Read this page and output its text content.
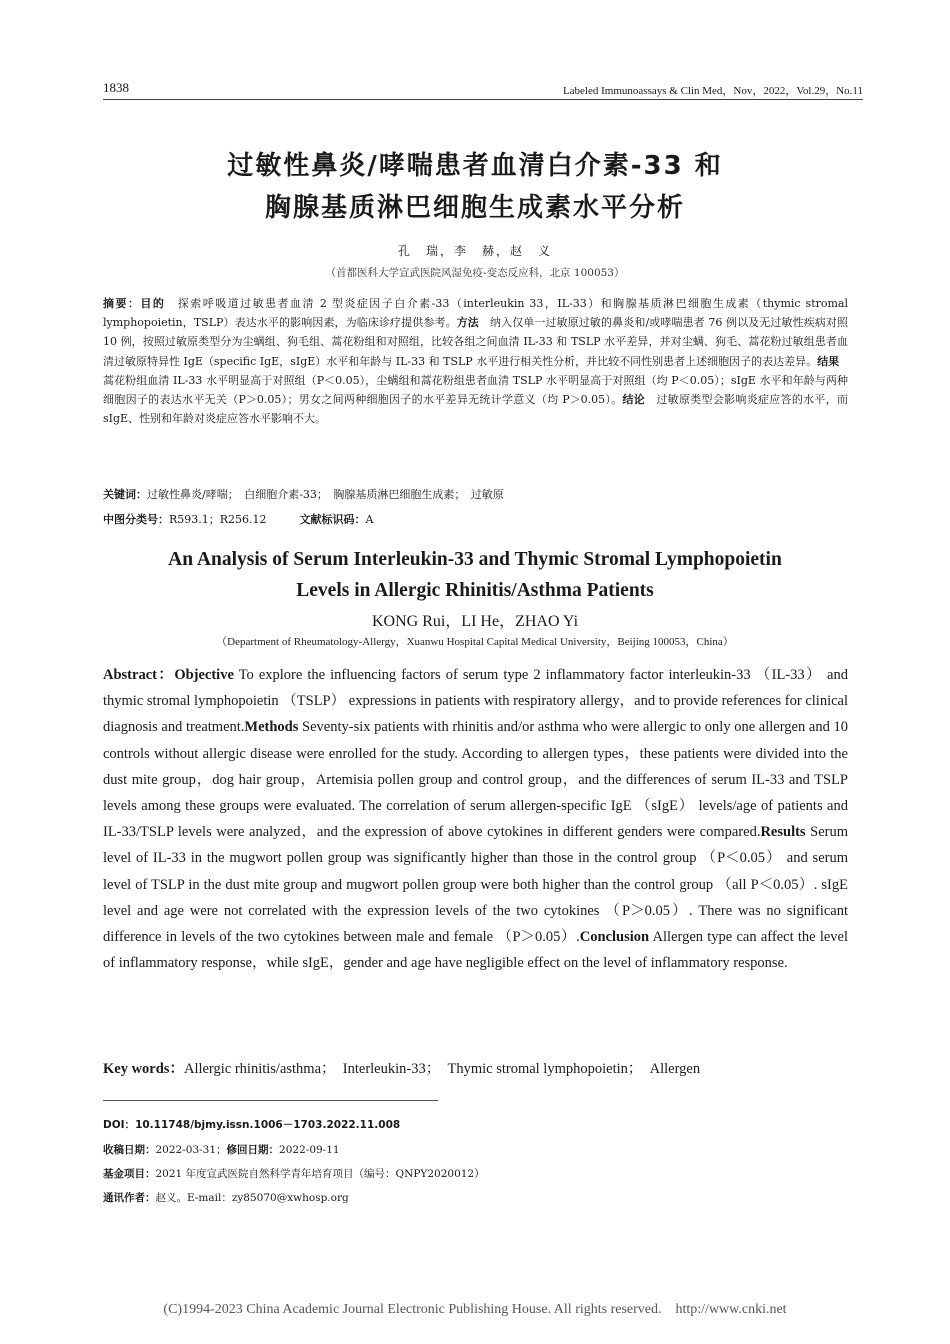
1838	Labeled Immunoassays & Clin Med，Nov，2022，Vol.29，No.11
过敏性鼻炎/哮喘患者血清白介素-33 和
胸腺基质淋巴细胞生成素水平分析
孔　瑞，李　赫，赵　义
（首都医科大学宣武医院风湿免疫-变态反应科，北京 100053）
摘要：目的　探索呼吸道过敏患者血清 2 型炎症因子白介素-33（interleukin 33，IL-33）和胸腺基质淋巴细胞生成素（thymic stromal lymphopoietin，TSLP）表达水平的影响因素，为临床诊疗提供参考。方法　纳入仅单一过敏原过敏的鼻炎和/或哮喘患者 76 例以及无过敏性疾病对照 10 例，按照过敏原类型分为尘螨组、狗毛组、蒿花粉组和对照组，比较各组之间血清 IL-33 和 TSLP 水平差异，并对尘螨、狗毛、蒿花粉过敏组患者血清过敏原特异性 IgE（specific IgE，sIgE）水平和年龄与 IL-33 和 TSLP 水平进行相关性分析，并比较不同性别患者上述细胞因子的表达差异。结果　蒿花粉组血清 IL-33 水平明显高于对照组（P＜0.05），尘螨组和蒿花粉组患者血清 TSLP 水平明显高于对照组（均 P＜0.05）；sIgE 水平和年龄与两种细胞因子的表达水平无关（P＞0.05）；男女之间两种细胞因子的水平差异无统计学意义（均 P＞0.05）。结论　过敏原类型会影响炎症应答的水平，而 sIgE、性别和年龄对炎症应答水平影响不大。
关键词：过敏性鼻炎/哮喘；　白细胞介素-33；　胸腺基质淋巴细胞生成素；　过敏原
中图分类号：R593.1；R256.12	文献标识码：A
An Analysis of Serum Interleukin-33 and Thymic Stromal Lymphopoietin
Levels in Allergic Rhinitis/Asthma Patients
KONG Rui，LI He，ZHAO Yi
（Department of Rheumatology-Allergy，Xuanwu Hospital Capital Medical University，Beijing 100053，China）
Abstract：Objective To explore the influencing factors of serum type 2 inflammatory factor interleukin-33 （IL-33） and thymic stromal lymphopoietin （TSLP） expressions in patients with respiratory allergy，and to provide references for clinical diagnosis and treatment.Methods Seventy-six patients with rhinitis and/or asthma who were allergic to only one allergen and 10 controls without allergic disease were enrolled for the study. According to allergen types，these patients were divided into the dust mite group，dog hair group，Artemisia pollen group and control group，and the differences of serum IL-33 and TSLP levels among these groups were evaluated. The correlation of serum allergen-specific IgE （sIgE） levels/age of patients and IL-33/TSLP levels were analyzed，and the expression of above cytokines in different genders were compared.Results Serum level of IL-33 in the mugwort pollen group was significantly higher than those in the control group （P＜0.05） and serum level of TSLP in the dust mite group and mugwort pollen group were both higher than the control group （all P＜0.05）. sIgE level and age were not correlated with the expression levels of the two cytokines （P＞0.05）. There was no significant difference in levels of the two cytokines between male and female （P＞0.05）.Conclusion Allergen type can affect the level of inflammatory response，while sIgE，gender and age have negligible effect on the level of inflammatory response.
Key words：Allergic rhinitis/asthma；　Interleukin-33；　Thymic stromal lymphopoietin；　Allergen
DOI：10.11748/bjmy.issn.1006－1703.2022.11.008
收稿日期：2022-03-31；修回日期：2022-09-11
基金项目：2021 年度宣武医院自然科学青年培育项目（编号：QNPY2020012）
通讯作者：赵义。E-mail：zy85070@xwhosp.org
(C)1994-2023 China Academic Journal Electronic Publishing House. All rights reserved.　http://www.cnki.net
